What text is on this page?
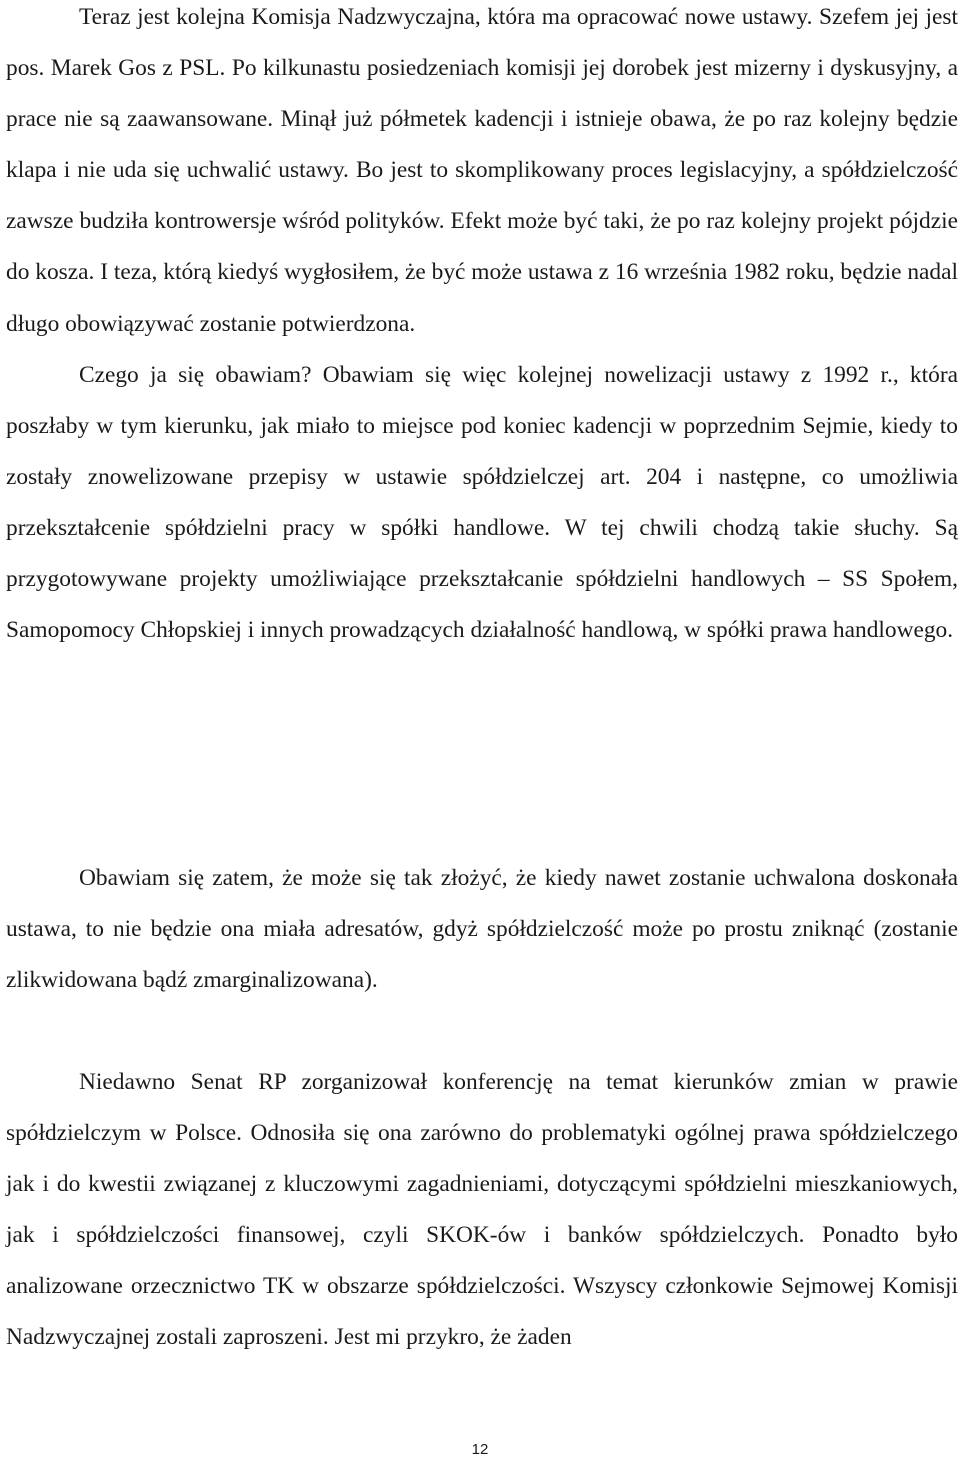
Teraz jest kolejna Komisja Nadzwyczajna, która ma opracować nowe ustawy. Szefem jej jest pos. Marek Gos z PSL. Po kilkunastu posiedzeniach komisji jej dorobek jest mizerny i dyskusyjny, a prace nie są zaawansowane. Minął już półmetek kadencji i istnieje obawa, że po raz kolejny będzie klapa i nie uda się uchwalić ustawy. Bo jest to skomplikowany proces legislacyjny, a spółdzielczość zawsze budziła kontrowersje wśród polityków. Efekt może być taki, że po raz kolejny projekt pójdzie do kosza. I teza, którą kiedyś wygłosiłem, że być może ustawa z 16 września 1982 roku, będzie nadal długo obowiązywać zostanie potwierdzona.

Czego ja się obawiam? Obawiam się więc kolejnej nowelizacji ustawy z 1992 r., która poszłaby w tym kierunku, jak miało to miejsce pod koniec kadencji w poprzednim Sejmie, kiedy to zostały znowelizowane przepisy w ustawie spółdzielczej art. 204 i następne, co umożliwia przekształcenie spółdzielni pracy w spółki handlowe. W tej chwili chodzą takie słuchy. Są przygotowywane projekty umożliwiające przekształcanie spółdzielni handlowych – SS Społem, Samopomocy Chłopskiej i innych prowadzących działalność handlową, w spółki prawa handlowego.

Obawiam się zatem, że może się tak złożyć, że kiedy nawet zostanie uchwalona doskonała ustawa, to nie będzie ona miała adresatów, gdyż spółdzielczość może po prostu zniknąć (zostanie zlikwidowana bądź zmarginalizowana).

Niedawno Senat RP zorganizował konferencję na temat kierunków zmian w prawie spółdzielczym w Polsce. Odnosiła się ona zarówno do problematyki ogólnej prawa spółdzielczego jak i do kwestii związanej z kluczowymi zagadnieniami, dotyczącymi spółdzielni mieszkaniowych, jak i spółdzielczości finansowej, czyli SKOK-ów i banków spółdzielczych. Ponadto było analizowane orzecznictwo TK w obszarze spółdzielczości. Wszyscy członkowie Sejmowej Komisji Nadzwyczajnej zostali zaproszeni. Jest mi przykro, że żaden

12
